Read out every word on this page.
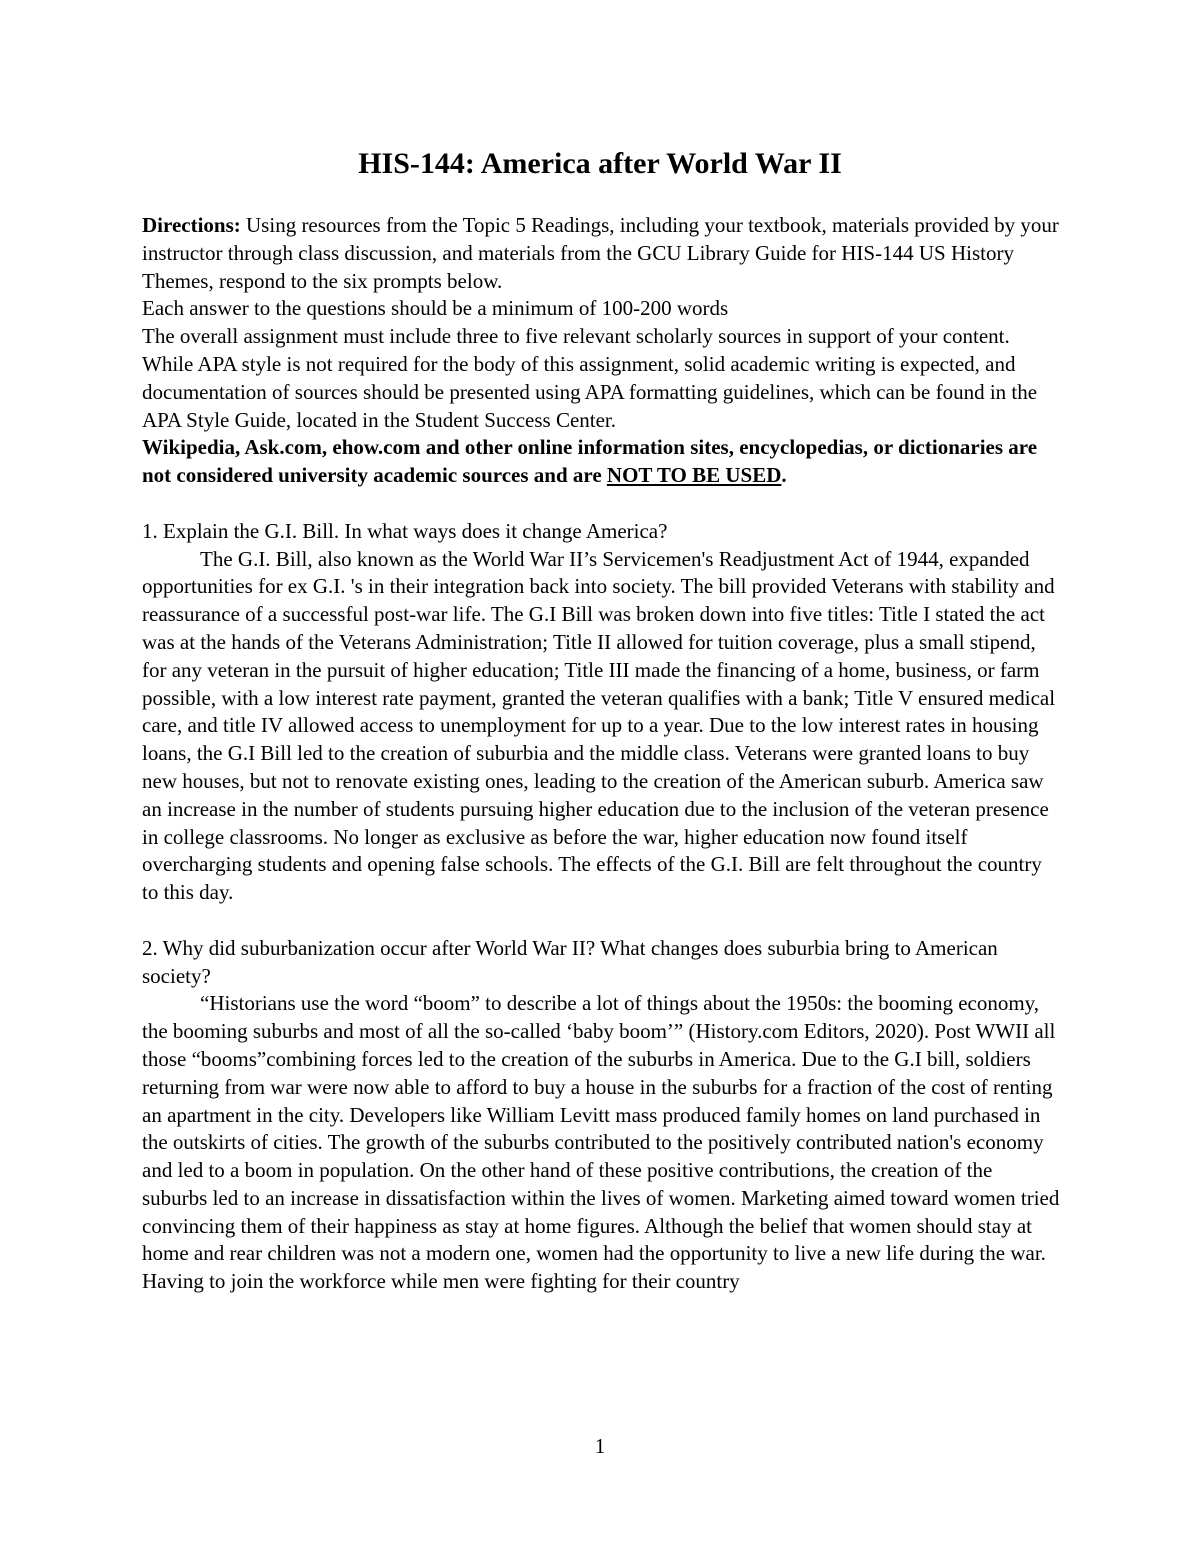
HIS-144: America after World War II

Directions: Using resources from the Topic 5 Readings, including your textbook, materials provided by your instructor through class discussion, and materials from the GCU Library Guide for HIS-144 US History Themes, respond to the six prompts below.

Each answer to the questions should be a minimum of 100-200 words

The overall assignment must include three to five relevant scholarly sources in support of your content.

While APA style is not required for the body of this assignment, solid academic writing is expected, and documentation of sources should be presented using APA formatting guidelines, which can be found in the APA Style Guide, located in the Student Success Center.

Wikipedia, Ask.com, ehow.com and other online information sites, encyclopedias, or dictionaries are not considered university academic sources and are NOT TO BE USED.

1. Explain the G.I. Bill. In what ways does it change America?

The G.I. Bill, also known as the World War II’s Servicemen's Readjustment Act of 1944, expanded opportunities for ex G.I. 's in their integration back into society. The bill provided Veterans with stability and reassurance of a successful post-war life. The G.I Bill was broken down into five titles: Title I stated the act was at the hands of the Veterans Administration; Title II allowed for tuition coverage, plus a small stipend, for any veteran in the pursuit of higher education; Title III made the financing of a home, business, or farm possible, with a low interest rate payment, granted the veteran qualifies with a bank; Title V ensured medical care, and title IV allowed access to unemployment for up to a year. Due to the low interest rates in housing loans, the G.I Bill led to the creation of suburbia and the middle class. Veterans were granted loans to buy new houses, but not to renovate existing ones, leading to the creation of the American suburb. America saw an increase in the number of students pursuing higher education due to the inclusion of the veteran presence in college classrooms. No longer as exclusive as before the war, higher education now found itself overcharging students and opening false schools. The effects of the G.I. Bill are felt throughout the country to this day.

2. Why did suburbanization occur after World War II? What changes does suburbia bring to American society?

“Historians use the word “boom” to describe a lot of things about the 1950s: the booming economy, the booming suburbs and most of all the so-called ‘baby boom’” (History.com Editors, 2020). Post WWII all those “booms”combining forces led to the creation of the suburbs in America. Due to the G.I bill, soldiers returning from war were now able to afford to buy a house in the suburbs for a fraction of the cost of renting an apartment in the city. Developers like William Levitt mass produced family homes on land purchased in the outskirts of cities. The growth of the suburbs contributed to the positively contributed nation's economy and led to a boom in population. On the other hand of these positive contributions, the creation of the suburbs led to an increase in dissatisfaction within the lives of women. Marketing aimed toward women tried convincing them of their happiness as stay at home figures. Although the belief that women should stay at home and rear children was not a modern one, women had the opportunity to live a new life during the war. Having to join the workforce while men were fighting for their country

1
